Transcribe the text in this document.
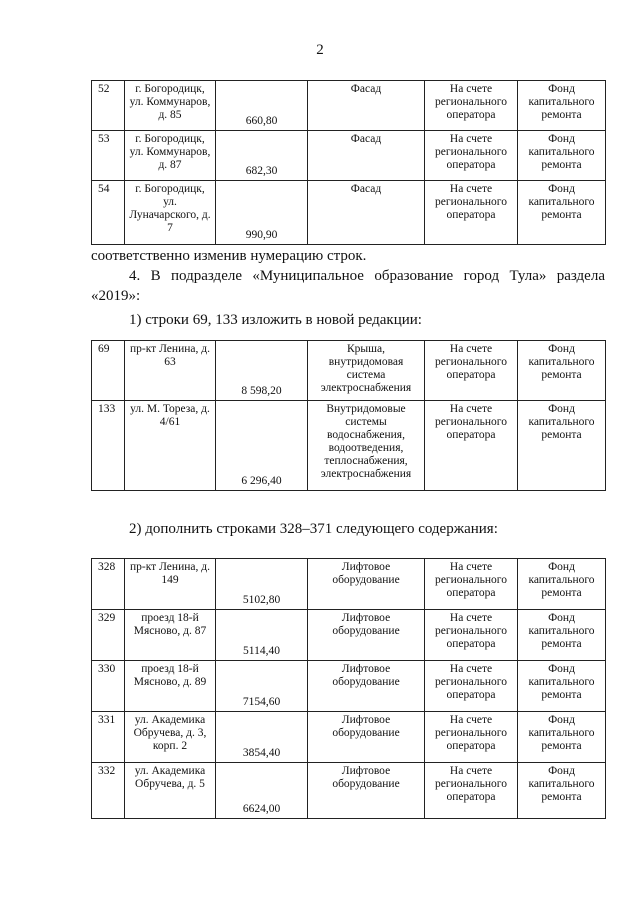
2
52	г. Богородицк, ул. Коммунаров, д. 85	660,80	Фасад	На счете регионального оператора	Фонд капитального ремонта
53	г. Богородицк, ул. Коммунаров, д. 87	682,30	Фасад	На счете регионального оператора	Фонд капитального ремонта
54	г. Богородицк, ул. Луначарского, д. 7	990,90	Фасад	На счете регионального оператора	Фонд капитального ремонта
соответственно изменив нумерацию строк.
4. В подразделе «Муниципальное образование город Тула» раздела «2019»:
1) строки 69, 133 изложить в новой редакции:
69	пр-кт Ленина, д. 63	8 598,20	Крыша, внутридомовая система электроснабжения	На счете регионального оператора	Фонд капитального ремонта
133	ул. М. Тореза, д. 4/61	6 296,40	Внутридомовые системы водоснабжения, водоотведения, теплоснабжения, электроснабжения	На счете регионального оператора	Фонд капитального ремонта
2) дополнить строками 328–371 следующего содержания:
328	пр-кт Ленина, д. 149	5102,80	Лифтовое оборудование	На счете регионального оператора	Фонд капитального ремонта
329	проезд 18-й Мясново, д. 87	5114,40	Лифтовое оборудование	На счете регионального оператора	Фонд капитального ремонта
330	проезд 18-й Мясново, д. 89	7154,60	Лифтовое оборудование	На счете регионального оператора	Фонд капитального ремонта
331	ул. Академика Обручева, д. 3, корп. 2	3854,40	Лифтовое оборудование	На счете регионального оператора	Фонд капитального ремонта
332	ул. Академика Обручева, д. 5	6624,00	Лифтовое оборудование	На счете регионального оператора	Фонд капитального ремонта
